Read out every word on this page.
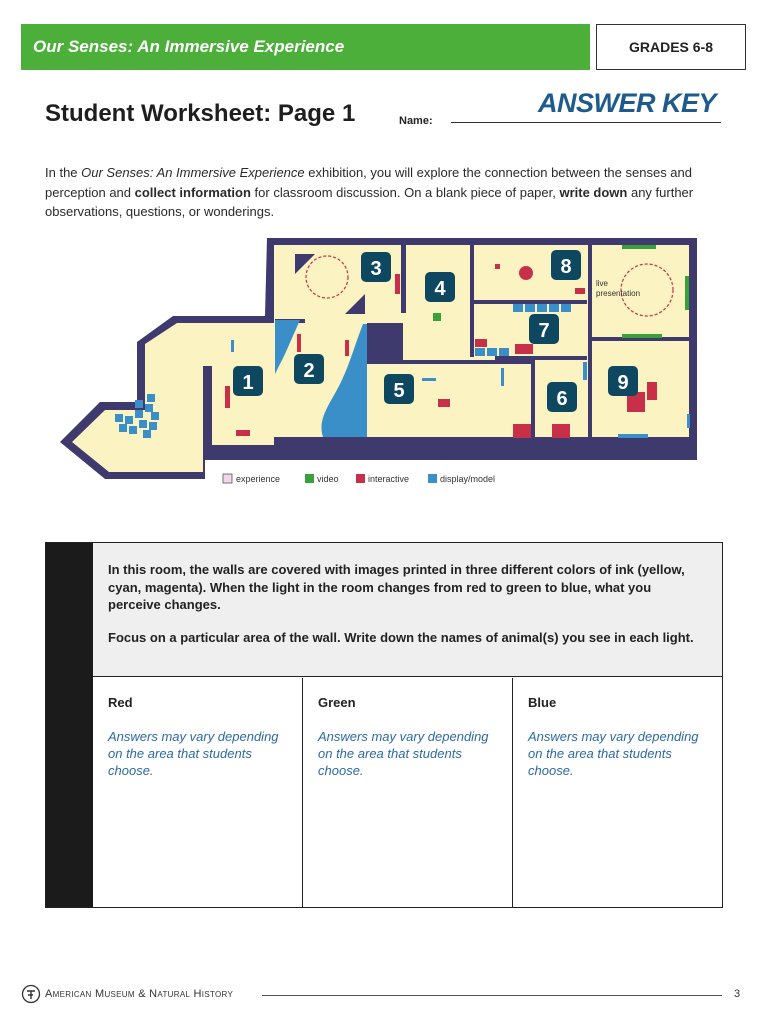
Our Senses: An Immersive Experience	GRADES 6-8
Student Worksheet: Page 1	Name:
ANSWER KEY
In the Our Senses: An Immersive Experience exhibition, you will explore the connection between the senses and perception and collect information for classroom discussion. On a blank piece of paper, write down any further observations, questions, or wonderings.
live
presentation
1
2
3
4
5	6
7
8
9
experience	video	interactive	display/model

In this room, the walls are covered with images printed in three different colors of ink (yellow, cyan, magenta). When the light in the room changes from red to green to blue, what you perceive changes.

Focus on a particular area of the wall. Write down the names of animal(s) you see in each light.

Red
Answers may vary depending on the area that students choose.
Green
Answers may vary depending on the area that students choose.
Blue
Answers may vary depending on the area that students choose.
1. SEEING
American Museum & Natural History	3
